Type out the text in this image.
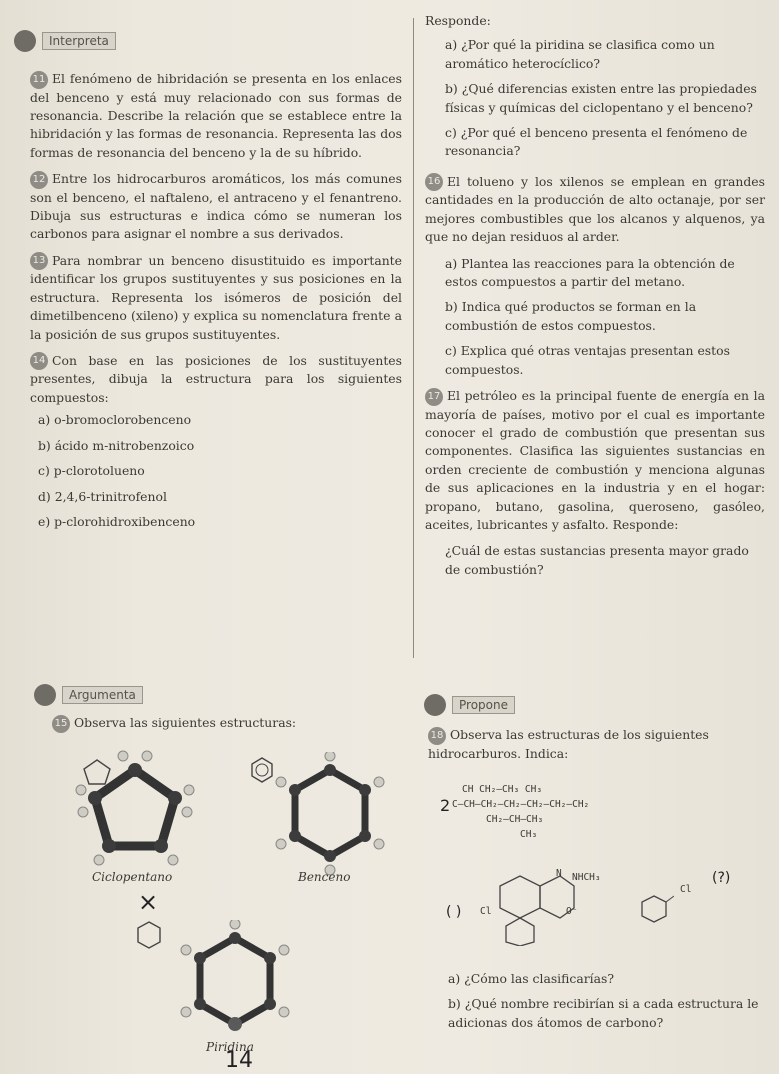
Interpreta

11 El fenómeno de hibridación se presenta en los enlaces del benceno y está muy relacionado con sus formas de resonancia. Describe la relación que se establece entre la hibridación y las formas de resonancia. Representa las dos formas de resonancia del benceno y la de su híbrido.

12 Entre los hidrocarburos aromáticos, los más comunes son el benceno, el naftaleno, el antraceno y el fenantreno. Dibuja sus estructuras e indica cómo se numeran los carbonos para asignar el nombre a sus derivados.

13 Para nombrar un benceno disustituido es importante identificar los grupos sustituyentes y sus posiciones en la estructura. Representa los isómeros de posición del dimetilbenceno (xileno) y explica su nomenclatura frente a la posición de sus grupos sustituyentes.

14 Con base en las posiciones de los sustituyentes presentes, dibuja la estructura para los siguientes compuestos:

a) o-bromoclorobenceno
b) ácido m-nitrobenzoico
c) p-clorotolueno
d) 2,4,6-trinitrofenol
e) p-clorohidroxibenceno
Argumenta
15 Observa las siguientes estructuras:
Ciclopentano	Benceno
×
Piridina
14
Responde:
a) ¿Por qué la piridina se clasifica como un aromático heterocíclico?
b) ¿Qué diferencias existen entre las propiedades físicas y químicas del ciclopentano y el benceno?
c) ¿Por qué el benceno presenta el fenómeno de resonancia?

16 El tolueno y los xilenos se emplean en grandes cantidades en la producción de alto octanaje, por ser mejores combustibles que los alcanos y alquenos, ya que no dejan residuos al arder.

a) Plantea las reacciones para la obtención de estos compuestos a partir del metano.
b) Indica qué productos se forman en la combustión de estos compuestos.
c) Explica qué otras ventajas presentan estos compuestos.

17 El petróleo es la principal fuente de energía en la mayoría de países, motivo por el cual es importante conocer el grado de combustión que presentan sus componentes. Clasifica las siguientes sustancias en orden creciente de combustión y menciona algunas de sus aplicaciones en la industria y en el hogar: propano, butano, gasolina, queroseno, gasóleo, aceites, lubricantes y asfalto. Responde:

¿Cuál de estas sustancias presenta mayor grado de combustión?
Propone
18 Observa las estructuras de los siguientes hidrocarburos. Indica:
CH CH₂—CH₃ CH₃
C—CH—CH₂—CH₂—CH₂—CH₂—CH₂
CH₂—CH—CH₃
CH₃
2
N NHCH₃
Cl	O⁻
( )
Cl
(?)
a) ¿Cómo las clasificarías?
b) ¿Qué nombre recibirían si a cada estructura le adicionas dos átomos de carbono?
